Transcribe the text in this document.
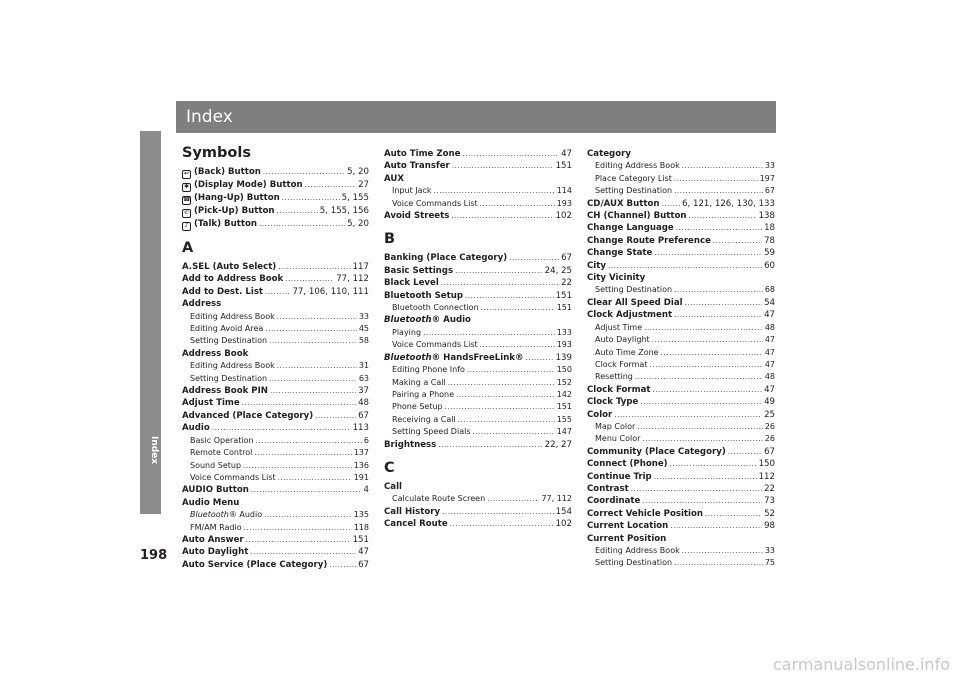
Index
198
Index
Symbols
↩ (Back) Button .....	5, 20
✱ (Display Mode) Button .....	27
☎ (Hang-Up) Button .....	5, 155
✆ (Pick-Up) Button .....	5, 155, 156
♪ (Talk) Button .....	5, 20
A
A.SEL (Auto Select) .....	117
Add to Address Book .....	77, 112
Add to Dest. List .....	77, 106, 110, 111
Address
Editing Address Book .....	33
Editing Avoid Area .....	45
Setting Destination .....	58
Address Book
Editing Address Book .....	31
Setting Destination .....	63
Address Book PIN .....	37
Adjust Time .....	48
Advanced (Place Category) .....	67
Audio .....	113
Basic Operation .....	6
Remote Control .....	137
Sound Setup .....	136
Voice Commands List .....	191
AUDIO Button .....	4
Audio Menu
Bluetooth® Audio .....	135
FM/AM Radio .....	118
Auto Answer .....	151
Auto Daylight .....	47
Auto Service (Place Category) .....	67
Auto Time Zone .....	47
Auto Transfer .....	151
AUX
Input Jack .....	114
Voice Commands List .....	193
Avoid Streets .....	102
B
Banking (Place Category) .....	67
Basic Settings .....	24, 25
Black Level .....	22
Bluetooth Setup .....	151
Bluetooth Connection .....	151
Bluetooth® Audio
Playing .....	133
Voice Commands List .....	193
Bluetooth® HandsFreeLink® .....	139
Editing Phone Info .....	150
Making a Call .....	152
Pairing a Phone .....	142
Phone Setup .....	151
Receiving a Call .....	155
Setting Speed Dials .....	147
Brightness .....	22, 27
C
Call
Calculate Route Screen .....	77, 112
Call History .....	154
Cancel Route .....	102
Category
Editing Address Book .....	33
Place Category List .....	197
Setting Destination .....	67
CD/AUX Button .....	6, 121, 126, 130, 133
CH (Channel) Button .....	138
Change Language .....	18
Change Route Preference .....	78
Change State .....	59
City .....	60
City Vicinity
Setting Destination .....	68
Clear All Speed Dial .....	54
Clock Adjustment .....	47
Adjust Time .....	48
Auto Daylight .....	47
Auto Time Zone .....	47
Clock Format .....	47
Resetting .....	48
Clock Format .....	47
Clock Type .....	49
Color .....	25
Map Color .....	26
Menu Color .....	26
Community (Place Category) .....	67
Connect (Phone) .....	150
Continue Trip .....	112
Contrast .....	22
Coordinate .....	73
Correct Vehicle Position .....	52
Current Location .....	98
Current Position
Editing Address Book .....	33
Setting Destination .....	75
carmanualsonline.info
